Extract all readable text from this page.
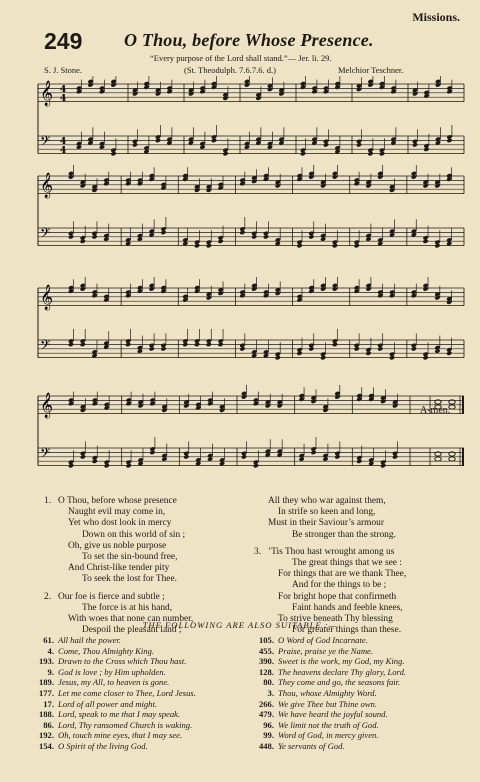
Missions.
249 O Thou, before Whose Presence.
“Every purpose of the Lord shall stand.”— Jer. li. 29.
S. J. Stone.	(St. Theodulph. 7.6.7.6. d.)	Melchior Teschner.
𝄞 4
4
𝄢 4
4
𝄞
𝄢
𝄞
𝄢
𝄞
𝄢
A-men.
1. O Thou, before whose presence
Naught evil may come in,
Yet who dost look in mercy
Down on this world of sin ;
Oh, give us noble purpose
To set the sin-bound free,
And Christ-like tender pity
To seek the lost for Thee.
2. Our foe is fierce and subtle ;
The force is at his hand,
With woes that none can number,
Despoil the pleasant land ;
All they who war against them,
In strife so keen and long,
Must in their Saviour’s armour
Be stronger than the strong.
3. ’Tis Thou hast wrought among us
The great things that we see :
For things that are we thank Thee,
And for the things to be ;
For bright hope that confirmeth
Faint hands and feeble knees,
To strive beneath Thy blessing
For greater things than these.
THE FOLLOWING ARE ALSO SUITABLE :—
61. All hail the power.
4. Come, Thou Almighty King.
193. Drawn to the Cross which Thou hast.
9. God is love ; by Him upholden.
189. Jesus, my All, to heaven is gone.
177. Let me come closer to Thee, Lord Jesus.
17. Lord of all power and might.
188. Lord, speak to me that I may speak.
86. Lord, Thy ransomed Church is waking.
192. Oh, touch mine eyes, that I may see.
154. O Spirit of the living God.
105. O Word of God Incarnate.
455. Praise, praise ye the Name.
390. Sweet is the work, my God, my King.
128. The heavens declare Thy glory, Lord.
80. They come and go, the seasons fair.
3. Thou, whose Almighty Word.
266. We give Thee but Thine own.
479. We have heard the joyful sound.
96. We limit not the truth of God.
99. Word of God, in mercy given.
448. Ye servants of God.
